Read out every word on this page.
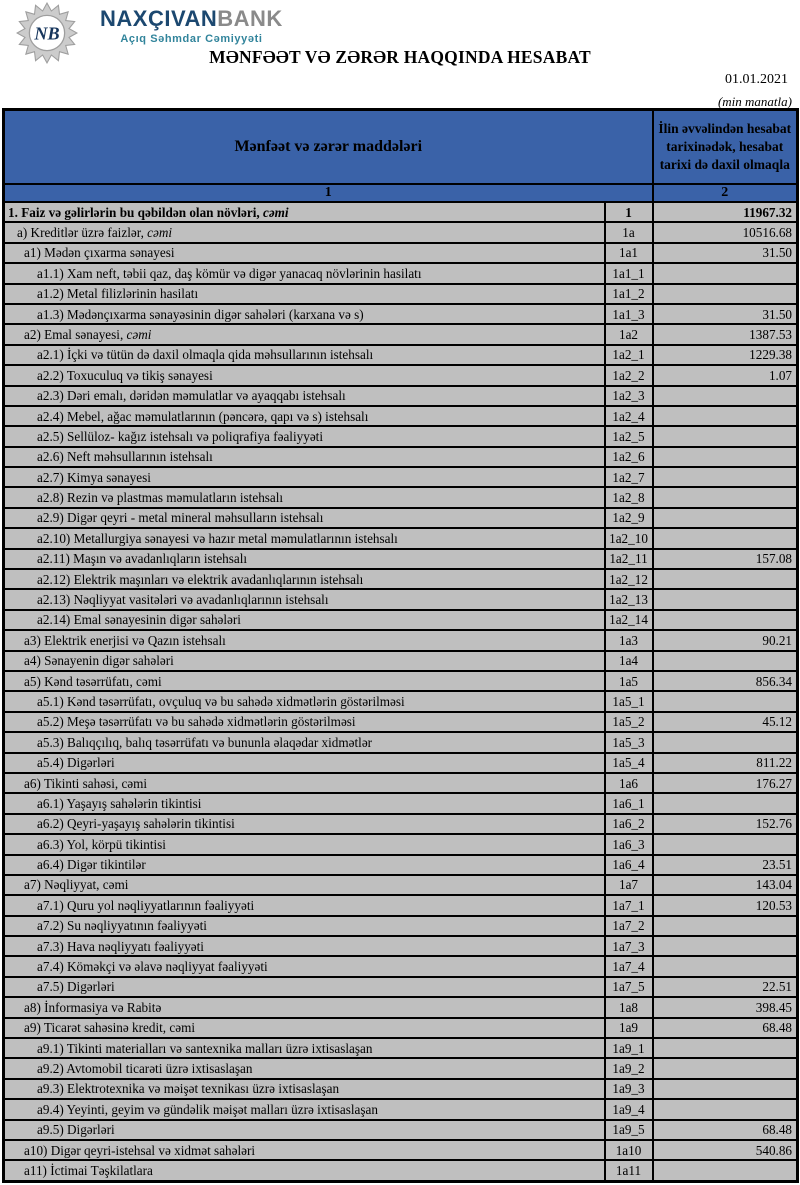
NB
NAXÇIVANBANK
Açıq Səhmdar Cəmiyyəti
MƏNFƏƏT VƏ ZƏRƏR HAQQINDA HESABAT
01.01.2021
(min manatla)
Mənfəət və zərər maddələri		İlin əvvəlindən hesabat tarixinədək, hesabat tarixi də daxil olmaqla
1		2
1. Faiz və gəlirlərin bu qəbildən olan növləri, cəmi	1	11967.32
a) Kreditlər üzrə faizlər, cəmi	1a	10516.68
a1) Mədən çıxarma sənayesi	1a1	31.50
a1.1) Xam neft, təbii qaz, daş kömür və digər yanacaq növlərinin hasilatı	1a1_1	
a1.2) Metal filizlərinin hasilatı	1a1_2	
a1.3) Mədənçıxarma sənayəsinin digər sahələri (karxana və s)	1a1_3	31.50
a2) Emal sənayesi, cəmi	1a2	1387.53
a2.1) İçki və tütün də daxil olmaqla qida məhsullarının istehsalı	1a2_1	1229.38
a2.2) Toxuculuq və tikiş sənayesi	1a2_2	1.07
a2.3) Dəri emalı, dəridən məmulatlar və ayaqqabı istehsalı	1a2_3	
a2.4) Mebel, ağac məmulatlarının (pəncərə, qapı və s) istehsalı	1a2_4	
a2.5) Sellüloz- kağız istehsalı və poliqrafiya fəaliyyəti	1a2_5	
a2.6) Neft məhsullarının istehsalı	1a2_6	
a2.7) Kimya sənayesi	1a2_7	
a2.8) Rezin və plastmas məmulatların istehsalı	1a2_8	
a2.9) Digər qeyri - metal mineral məhsulların istehsalı	1a2_9	
a2.10) Metallurgiya sənayesi və hazır metal məmulatlarının istehsalı	1a2_10	
a2.11) Maşın və avadanlıqların istehsalı	1a2_11	157.08
a2.12) Elektrik maşınları və elektrik avadanlıqlarının istehsalı	1a2_12	
a2.13) Nəqliyyat vasitələri və avadanlıqlarının istehsalı	1a2_13	
a2.14) Emal sənayesinin digər sahələri	1a2_14	
a3) Elektrik enerjisi və Qazın istehsalı	1a3	90.21
a4) Sənayenin digər sahələri	1a4	
a5) Kənd təsərrüfatı, cəmi	1a5	856.34
a5.1) Kənd təsərrüfatı, ovçuluq və bu sahədə xidmətlərin göstərilməsi	1a5_1	
a5.2) Meşə təsərrüfatı və bu sahədə xidmətlərin göstərilməsi	1a5_2	45.12
a5.3) Balıqçılıq, balıq təsərrüfatı və bununla əlaqədar xidmətlər	1a5_3	
a5.4) Digərləri	1a5_4	811.22
a6) Tikinti sahəsi, cəmi	1a6	176.27
a6.1) Yaşayış sahələrin tikintisi	1a6_1	
a6.2) Qeyri-yaşayış sahələrin tikintisi	1a6_2	152.76
a6.3) Yol, körpü tikintisi	1a6_3	
a6.4) Digər tikintilər	1a6_4	23.51
a7) Nəqliyyat, cəmi	1a7	143.04
a7.1) Quru yol nəqliyyatlarının fəaliyyəti	1a7_1	120.53
a7.2) Su nəqliyyatının fəaliyyəti	1a7_2	
a7.3) Hava nəqliyyatı fəaliyyəti	1a7_3	
a7.4) Köməkçi və əlavə nəqliyyat fəaliyyəti	1a7_4	
a7.5) Digərləri	1a7_5	22.51
a8) İnformasiya və Rabitə	1a8	398.45
a9) Ticarət sahəsinə kredit, cəmi	1a9	68.48
a9.1) Tikinti materialları və santexnika malları üzrə ixtisaslaşan	1a9_1	
a9.2) Avtomobil ticarəti üzrə ixtisaslaşan	1a9_2	
a9.3) Elektrotexnika və məişət texnikası üzrə ixtisaslaşan	1a9_3	
a9.4) Yeyinti, geyim və gündəlik məişət malları üzrə ixtisaslaşan	1a9_4	
a9.5) Digərləri	1a9_5	68.48
a10) Digər qeyri-istehsal və xidmət sahələri	1a10	540.86
a11) İctimai Təşkilatlara	1a11	
